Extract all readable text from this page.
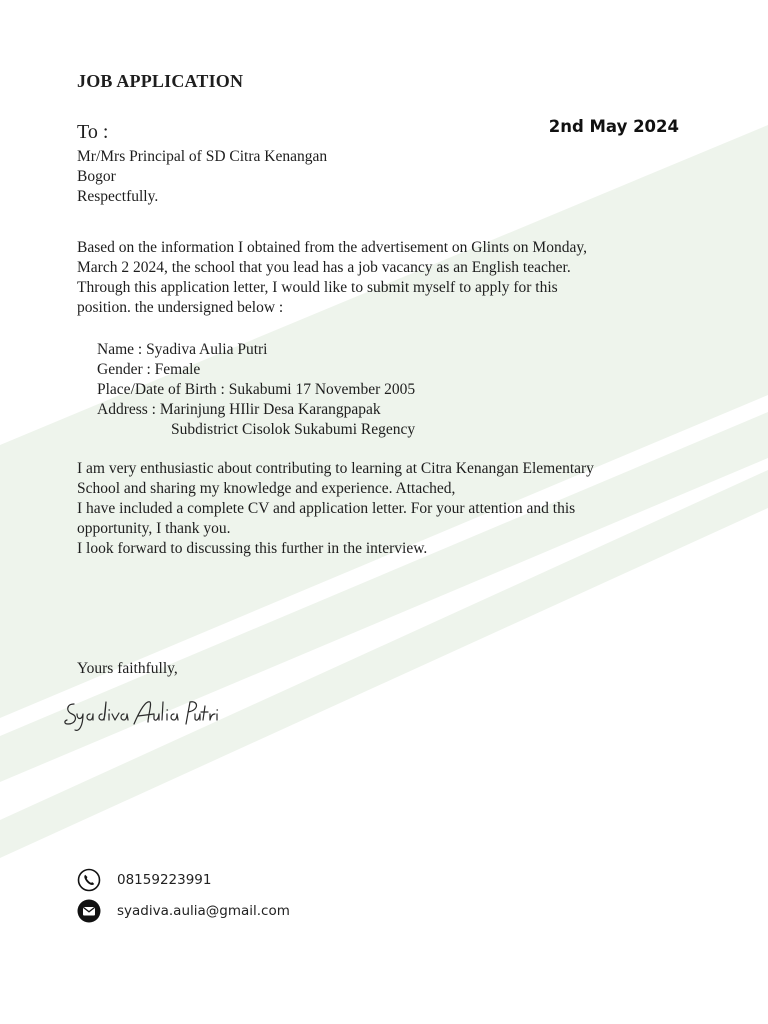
JOB APPLICATION
2nd May 2024
To :
Mr/Mrs Principal of SD Citra Kenangan
Bogor
Respectfully.
Based on the information I obtained from the advertisement on Glints on Monday,
March 2 2024, the school that you lead has a job vacancy as an English teacher.
Through this application letter, I would like to submit myself to apply for this
position. the undersigned below :
Name : Syadiva Aulia Putri
Gender : Female
Place/Date of Birth : Sukabumi 17 November 2005
Address : Marinjung HIlir Desa Karangpapak
Subdistrict Cisolok Sukabumi Regency
I am very enthusiastic about contributing to learning at Citra Kenangan Elementary
School and sharing my knowledge and experience. Attached,
I have included a complete CV and application letter. For your attention and this
opportunity, I thank you.
I look forward to discussing this further in the interview.
Yours faithfully,
08159223991
syadiva.aulia@gmail.com
